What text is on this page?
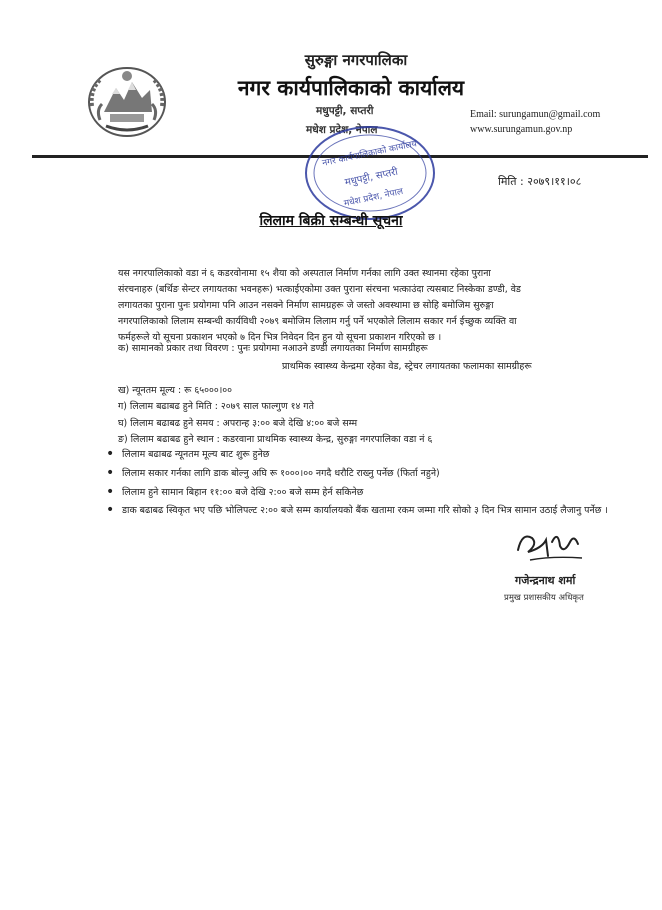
सुरुङ्गा नगरपालिका
नगर कार्यपालिकाको कार्यालय
मधुपट्टी, सप्तरी
मधेश प्रदेश, नेपाल
Email: surungamun@gmail.com
www.surungamun.gov.np
नगर कार्यपालिकाको कार्यालय
मधुपट्टी, सप्तरी
मधेश प्रदेश, नेपाल
मिति : २०७९।११।०८
लिलाम बिक्री सम्बन्धी सूचना
यस नगरपालिकाको वडा नं ६ कडरवोनामा १५ शैया को अस्पताल निर्माण गर्नका लागि उक्त स्थानमा रहेका पुराना
संरचनाहरु (बर्थिङ सेन्टर लगायतका भवनहरू) भत्काईएकोमा उक्त पुराना संरचना भत्काउंदा त्यसबाट निस्केका डण्डी, वेड
लगायतका पुराना पुनः प्रयोगमा पनि आउन नसक्ने निर्माण सामग्रहरू जे जस्तो अवस्थामा छ सोहि बमोजिम सुरुङ्गा
नगरपालिकाको लिलाम सम्बन्धी कार्यविधी २०७९ बमोजिम लिलाम गर्नु पर्ने भएकोले लिलाम सकार गर्न ईच्छुक व्यक्ति वा
फर्महरूले यो सूचना प्रकाशन भएको ७ दिन भित्र निवेदन दिन हुन यो सूचना प्रकाशन गरिएको छ ।
क) सामानको प्रकार तथा विवरण : पुनः प्रयोगमा नआउने डण्डी लगायतका निर्माण सामग्रीहरू
प्राथमिक स्वास्थ्य केन्द्रमा रहेका वेड, स्ट्रेचर लगायतका फलामका सामग्रीहरू
ख) न्यूनतम मूल्य : रू ६५०००।००
ग) लिलाम बढाबढ हुने मिति : २०७९ साल फाल्गुण १४ गते
घ) लिलाम बढाबढ हुने समय : अपरान्ह ३:०० बजे देखि ४:०० बजे सम्म
ङ) लिलाम बढाबढ हुने स्थान : कडरवाना प्राथमिक स्वास्थ्य केन्द्र, सुरुङ्गा नगरपालिका वडा नं ६
• लिलाम बढाबढ न्यूनतम मूल्य बाट शुरू हुनेछ
• लिलाम सकार गर्नका लागि डाक बोल्नु अघि रू १०००।०० नगदै धरौटि राख्नु पर्नेछ (फिर्ता नहुने)
• लिलाम हुने सामान बिहान ११:०० बजे देखि २:०० बजे सम्म हेर्न सकिनेछ
• डाक बढाबढ स्विकृत भए पछि भोलिपल्ट २:०० बजे सम्म कार्यालयको बैंक खतामा रकम जम्मा गरि सोको ३ दिन भित्र सामान उठाई लैजानु पर्नेछ ।
गजेन्द्रनाथ शर्मा
प्रमुख प्रशासकीय अधिकृत
